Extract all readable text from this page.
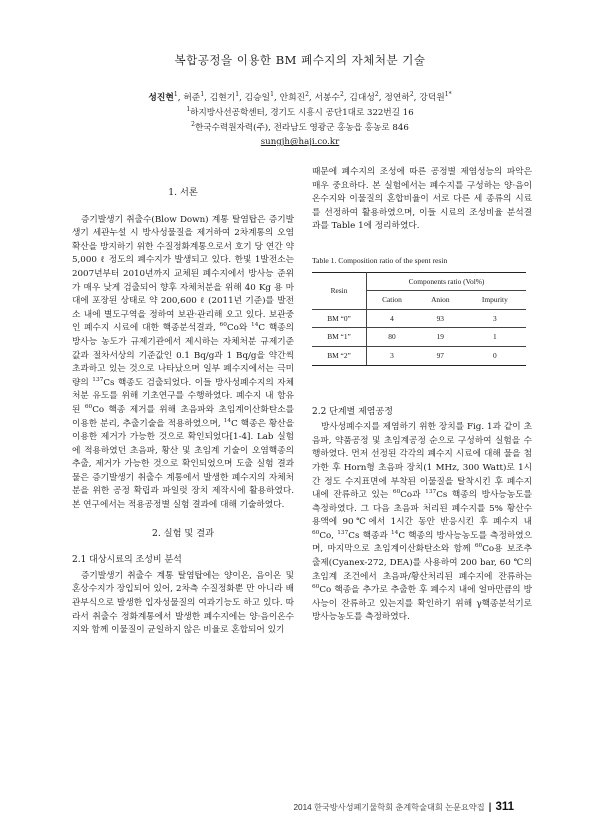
복합공정을 이용한 BM 폐수지의 자체처분 기술
성진현$^1$, 허준$^1$, 김현기$^1$, 김승일$^1$, 안희진$^2$, 서봉수$^2$, 김대성$^2$, 정연하$^2$, 강덕원$^{1*}$
$^1$하지방사선공학센터, 경기도 시흥시 공단1대로 322번길 16
$^2$한국수력원자력(주), 전라남도 영광군 홍농읍 홍농로 846
sungjh@haji.co.kr
1. 서론

증기발생기 취출수(Blow Down) 계통 탈염탑은 증기발생기 세관누설 시 방사성물질을 제거하여 2차계통의 오염확산을 방지하기 위한 수질정화계통으로서 호기 당 연간 약 5,000 ℓ 정도의 폐수지가 발생되고 있다. 한빛 1발전소는 2007년부터 2010년까지 교체된 폐수지에서 방사능 준위가 매우 낮게 검출되어 향후 자체처분을 위해 40 Kg 용 마대에 포장된 상태로 약 200,600 ℓ (2011년 기준)를 발전소 내에 별도구역을 정하여 보관·관리해 오고 있다. 보관중인 폐수지 시료에 대한 핵종분석결과, $^{60}$Co와 $^{14}$C 핵종의 방사능 농도가 규제기관에서 제시하는 자체처분 규제기준값과 절차서상의 기준값인 0.1 Bq/g과 1 Bq/g을 약간씩 초과하고 있는 것으로 나타났으며 일부 폐수지에서는 극미량의 $^{137}$Cs 핵종도 검출되었다. 이들 방사성폐수지의 자체처분 유도를 위해 기초연구를 수행하였다. 폐수지 내 함유된 $^{60}$Co 핵종 제거를 위해 초음파와 초임계이산화탄소를 이용한 분리, 추출기술을 적용하였으며, $^{14}$C 핵종은 황산을 이용한 제거가 가능한 것으로 확인되었다[1-4]. Lab 실험에 적용하였던 초음파, 황산 및 초임계 기술이 오염핵종의 추출, 제거가 가능한 것으로 확인되었으며 도출 실험 결과물은 증기발생기 취출수 계통에서 발생한 폐수지의 자체처분을 위한 공정 확립과 파일럿 장치 제작시에 활용하였다. 본 연구에서는 적용공정별 실험 결과에 대해 기술하였다.

2. 실험 및 결과
2.1 대상시료의 조성비 분석

증기발생기 취출수 계통 탈염탑에는 양이온, 음이온 및 혼상수지가 장입되어 있어, 2차측 수질정화뿐 만 아니라 배관부식으로 발생한 입자성물질의 여과기능도 하고 있다. 따라서 취출수 정화계통에서 발생한 폐수지에는 양·음이온수지와 함께 이물질이 균일하지 않은 비율로 혼합되어 있기

때문에 폐수지의 조성에 따른 공정별 제염성능의 파악은 매우 중요하다. 본 실험에서는 폐수지를 구성하는 양·음이온수지와 이물질의 혼합비율이 서로 다른 세 종류의 시료를 선정하여 활용하였으며, 이들 시료의 조성비율 분석결과를 Table 1에 정리하였다.

Table 1. Composition ratio of the spent resin
Resin	Components ratio (Vol%)		
	Cation	Anion	Impurity
BM “0”	4	93	3
BM “1”	80	19	1
BM “2”	3	97	0
2.2 단계별 제염공정

방사성폐수지를 제염하기 위한 장치를 Fig. 1과 같이 초음파, 약품공정 및 초임계공정 순으로 구성하여 실험을 수행하였다. 먼저 선정된 각각의 폐수지 시료에 대해 물을 첨가한 후 Horn형 초음파 장치(1 MHz, 300 Watt)로 1시간 정도 수지표면에 부착된 이물질을 탈착시킨 후 폐수지 내에 잔류하고 있는 $^{60}$Co과 $^{137}$Cs 핵종의 방사능농도를 측정하였다. 그 다음 초음파 처리된 폐수지를 5% 황산수용액에 90℃에서 1시간 동안 반응시킨 후 폐수지 내 $^{60}$Co, $^{137}$Cs 핵종과 $^{14}$C 핵종의 방사능농도를 측정하였으며, 마지막으로 초임계이산화탄소와 함께 $^{60}$Co용 보조추출제(Cyanex-272, DEA)를 사용하여 200 bar, 60 ℃의 초임계 조건에서 초음파/황산처리된 폐수지에 잔류하는 $^{60}$Co 핵종을 추가로 추출한 후 폐수지 내에 얼마만큼의 방사능이 잔류하고 있는지를 확인하기 위해 γ핵종분석기로 방사능농도를 측정하였다.

2014 한국방사성폐기물학회 춘계학술대회 논문요약집 | 311
